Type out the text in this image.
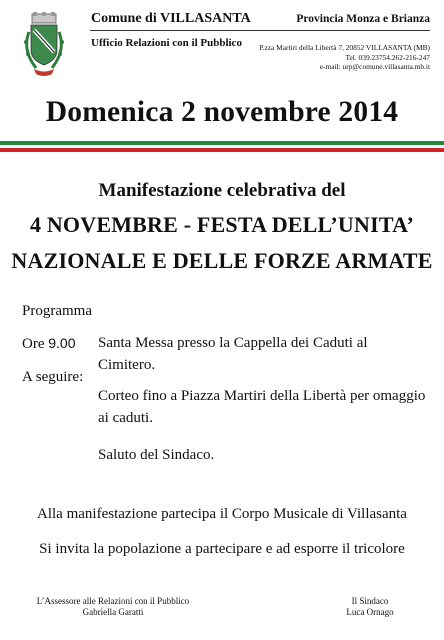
Comune di VILLASANTA
Ufficio Relazioni con il Pubblico
Provincia Monza e Brianza
P.zza Martiri della Libertà 7, 20852 VILLASANTA (MB)
Tel. 039.23754.262-216-247
e-mail: urp@comune.villasanta.mb.it
Domenica 2 novembre 2014
Manifestazione celebrativa del
4 NOVEMBRE - FESTA DELL’UNITA’
NAZIONALE E DELLE FORZE ARMATE
Programma
Ore 9.00 Santa Messa presso la Cappella dei Caduti al Cimitero.
A seguire:
Corteo fino a Piazza Martiri della Libertà per omaggio ai caduti.
Saluto del Sindaco.
Alla manifestazione partecipa il Corpo Musicale di Villasanta
Si invita la popolazione a partecipare e ad esporre il tricolore
L’Assessore alle Relazioni con il Pubblico
Gabriella Garatti
Il Sindaco
Luca Ornago
